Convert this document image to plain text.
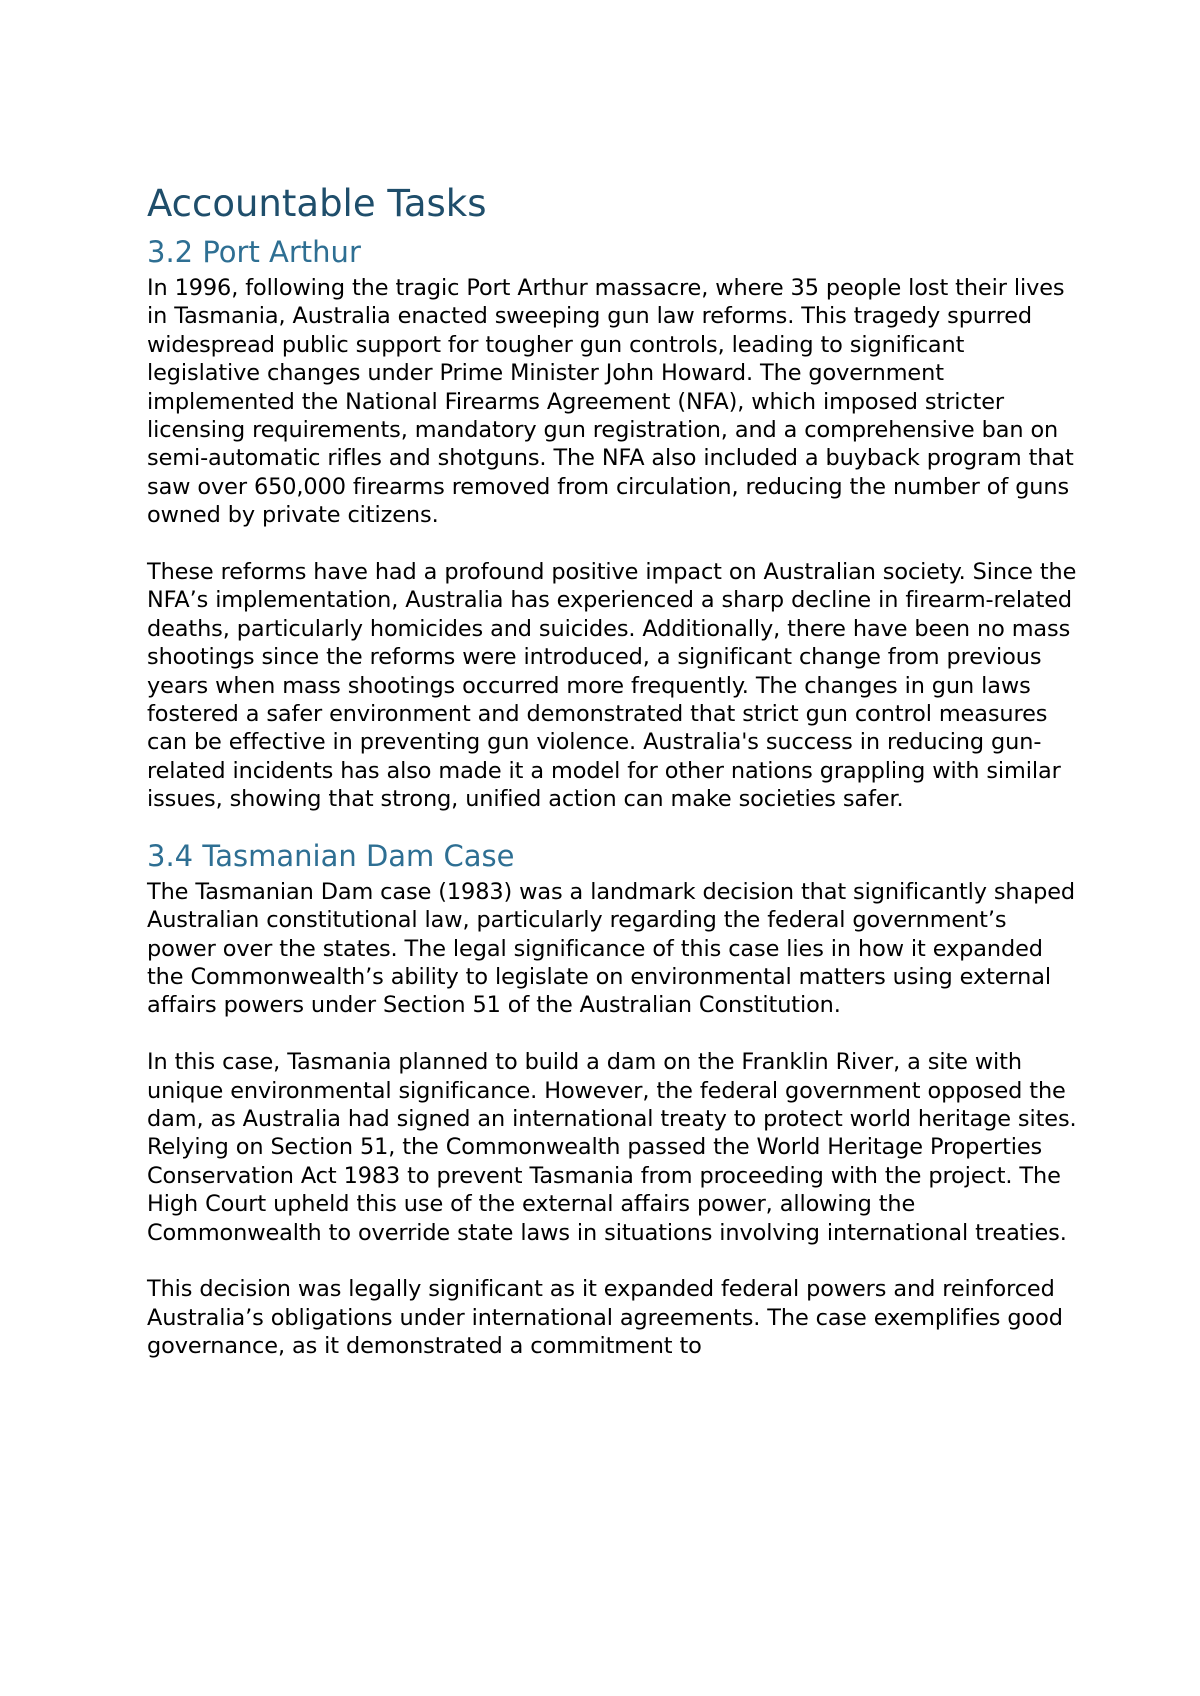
Accountable Tasks
3.2 Port Arthur

In 1996, following the tragic Port Arthur massacre, where 35 people lost their lives in Tasmania, Australia enacted sweeping gun law reforms. This tragedy spurred widespread public support for tougher gun controls, leading to significant legislative changes under Prime Minister John Howard. The government implemented the National Firearms Agreement (NFA), which imposed stricter licensing requirements, mandatory gun registration, and a comprehensive ban on semi-automatic rifles and shotguns. The NFA also included a buyback program that saw over 650,000 firearms removed from circulation, reducing the number of guns owned by private citizens.

These reforms have had a profound positive impact on Australian society. Since the NFA’s implementation, Australia has experienced a sharp decline in firearm-related deaths, particularly homicides and suicides. Additionally, there have been no mass shootings since the reforms were introduced, a significant change from previous years when mass shootings occurred more frequently. The changes in gun laws fostered a safer environment and demonstrated that strict gun control measures can be effective in preventing gun violence. Australia's success in reducing gun-related incidents has also made it a model for other nations grappling with similar issues, showing that strong, unified action can make societies safer.

3.4 Tasmanian Dam Case

The Tasmanian Dam case (1983) was a landmark decision that significantly shaped Australian constitutional law, particularly regarding the federal government’s power over the states. The legal significance of this case lies in how it expanded the Commonwealth’s ability to legislate on environmental matters using external affairs powers under Section 51 of the Australian Constitution.

In this case, Tasmania planned to build a dam on the Franklin River, a site with unique environmental significance. However, the federal government opposed the dam, as Australia had signed an international treaty to protect world heritage sites. Relying on Section 51, the Commonwealth passed the World Heritage Properties Conservation Act 1983 to prevent Tasmania from proceeding with the project. The High Court upheld this use of the external affairs power, allowing the Commonwealth to override state laws in situations involving international treaties.

This decision was legally significant as it expanded federal powers and reinforced Australia’s obligations under international agreements. The case exemplifies good governance, as it demonstrated a commitment to
